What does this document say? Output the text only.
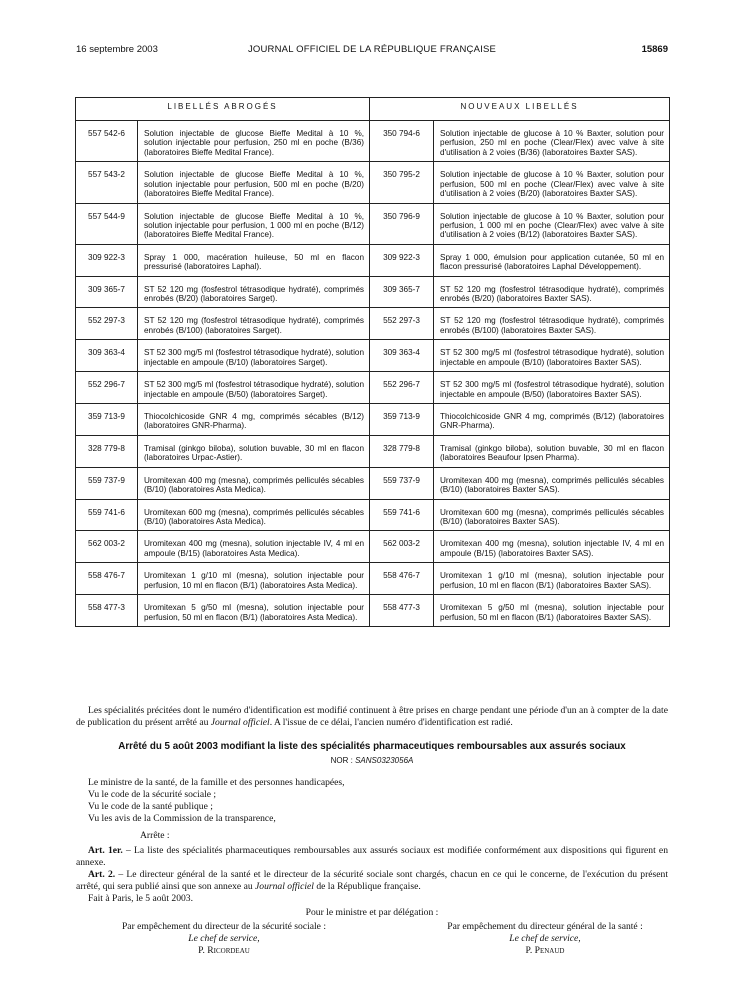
16 septembre 2003	JOURNAL OFFICIEL DE LA RÉPUBLIQUE FRANÇAISE	15869
LIBELLÉS ABROGÉS		NOUVEAUX LIBELLÉS	
557 542-6	Solution injectable de glucose Bieffe Medital à 10 %, solution injectable pour perfusion, 250 ml en poche (B/36) (laboratoires Bieffe Medital France).	350 794-6	Solution injectable de glucose à 10 % Baxter, solution pour perfusion, 250 ml en poche (Clear/Flex) avec valve à site d'utilisation à 2 voies (B/36) (laboratoires Baxter SAS).
557 543-2	Solution injectable de glucose Bieffe Medital à 10 %, solution injectable pour perfusion, 500 ml en poche (B/20) (laboratoires Bieffe Medital France).	350 795-2	Solution injectable de glucose à 10 % Baxter, solution pour perfusion, 500 ml en poche (Clear/Flex) avec valve à site d'utilisation à 2 voies (B/20) (laboratoires Baxter SAS).
557 544-9	Solution injectable de glucose Bieffe Medital à 10 %, solution injectable pour perfusion, 1 000 ml en poche (B/12) (laboratoires Bieffe Medital France).	350 796-9	Solution injectable de glucose à 10 % Baxter, solution pour perfusion, 1 000 ml en poche (Clear/Flex) avec valve à site d'utilisation à 2 voies (B/12) (laboratoires Baxter SAS).
309 922-3	Spray 1 000, macération huileuse, 50 ml en flacon pressurisé (laboratoires Laphal).	309 922-3	Spray 1 000, émulsion pour application cutanée, 50 ml en flacon pressurisé (laboratoires Laphal Développement).
309 365-7	ST 52 120 mg (fosfestrol tétrasodique hydraté), comprimés enrobés (B/20) (laboratoires Sarget).	309 365-7	ST 52 120 mg (fosfestrol tétrasodique hydraté), comprimés enrobés (B/20) (laboratoires Baxter SAS).
552 297-3	ST 52 120 mg (fosfestrol tétrasodique hydraté), comprimés enrobés (B/100) (laboratoires Sarget).	552 297-3	ST 52 120 mg (fosfestrol tétrasodique hydraté), comprimés enrobés (B/100) (laboratoires Baxter SAS).
309 363-4	ST 52 300 mg/5 ml (fosfestrol tétrasodique hydraté), solution injectable en ampoule (B/10) (laboratoires Sarget).	309 363-4	ST 52 300 mg/5 ml (fosfestrol tétrasodique hydraté), solution injectable en ampoule (B/10) (laboratoires Baxter SAS).
552 296-7	ST 52 300 mg/5 ml (fosfestrol tétrasodique hydraté), solution injectable en ampoule (B/50) (laboratoires Sarget).	552 296-7	ST 52 300 mg/5 ml (fosfestrol tétrasodique hydraté), solution injectable en ampoule (B/50) (laboratoires Baxter SAS).
359 713-9	Thiocolchicoside GNR 4 mg, comprimés sécables (B/12) (laboratoires GNR-Pharma).	359 713-9	Thiocolchicoside GNR 4 mg, comprimés (B/12) (laboratoires GNR-Pharma).
328 779-8	Tramisal (ginkgo biloba), solution buvable, 30 ml en flacon (laboratoires Urpac-Astier).	328 779-8	Tramisal (ginkgo biloba), solution buvable, 30 ml en flacon (laboratoires Beaufour Ipsen Pharma).
559 737-9	Uromitexan 400 mg (mesna), comprimés pelliculés sécables (B/10) (laboratoires Asta Medica).	559 737-9	Uromitexan 400 mg (mesna), comprimés pelliculés sécables (B/10) (laboratoires Baxter SAS).
559 741-6	Uromitexan 600 mg (mesna), comprimés pelliculés sécables (B/10) (laboratoires Asta Medica).	559 741-6	Uromitexan 600 mg (mesna), comprimés pelliculés sécables (B/10) (laboratoires Baxter SAS).
562 003-2	Uromitexan 400 mg (mesna), solution injectable IV, 4 ml en ampoule (B/15) (laboratoires Asta Medica).	562 003-2	Uromitexan 400 mg (mesna), solution injectable IV, 4 ml en ampoule (B/15) (laboratoires Baxter SAS).
558 476-7	Uromitexan 1 g/10 ml (mesna), solution injectable pour perfusion, 10 ml en flacon (B/1) (laboratoires Asta Medica).	558 476-7	Uromitexan 1 g/10 ml (mesna), solution injectable pour perfusion, 10 ml en flacon (B/1) (laboratoires Baxter SAS).
558 477-3	Uromitexan 5 g/50 ml (mesna), solution injectable pour perfusion, 50 ml en flacon (B/1) (laboratoires Asta Medica).	558 477-3	Uromitexan 5 g/50 ml (mesna), solution injectable pour perfusion, 50 ml en flacon (B/1) (laboratoires Baxter SAS).
Les spécialités précitées dont le numéro d'identification est modifié continuent à être prises en charge pendant une période d'un an à compter de la date de publication du présent arrêté au Journal officiel. A l'issue de ce délai, l'ancien numéro d'identification est radié.
Arrêté du 5 août 2003 modifiant la liste des spécialités pharmaceutiques remboursables aux assurés sociaux
NOR : SANS0323056A
Le ministre de la santé, de la famille et des personnes handicapées,
Vu le code de la sécurité sociale ;
Vu le code de la santé publique ;
Vu les avis de la Commission de la transparence,
Arrête :
Art. 1er. – La liste des spécialités pharmaceutiques remboursables aux assurés sociaux est modifiée conformément aux dispositions qui figurent en annexe.
Art. 2. – Le directeur général de la santé et le directeur de la sécurité sociale sont chargés, chacun en ce qui le concerne, de l'exécution du présent arrêté, qui sera publié ainsi que son annexe au Journal officiel de la République française.
Fait à Paris, le 5 août 2003.
Pour le ministre et par délégation :
Par empêchement du directeur de la sécurité sociale :
Le chef de service,
P. Ricordeau
Par empêchement du directeur général de la santé :
Le chef de service,
P. Penaud
